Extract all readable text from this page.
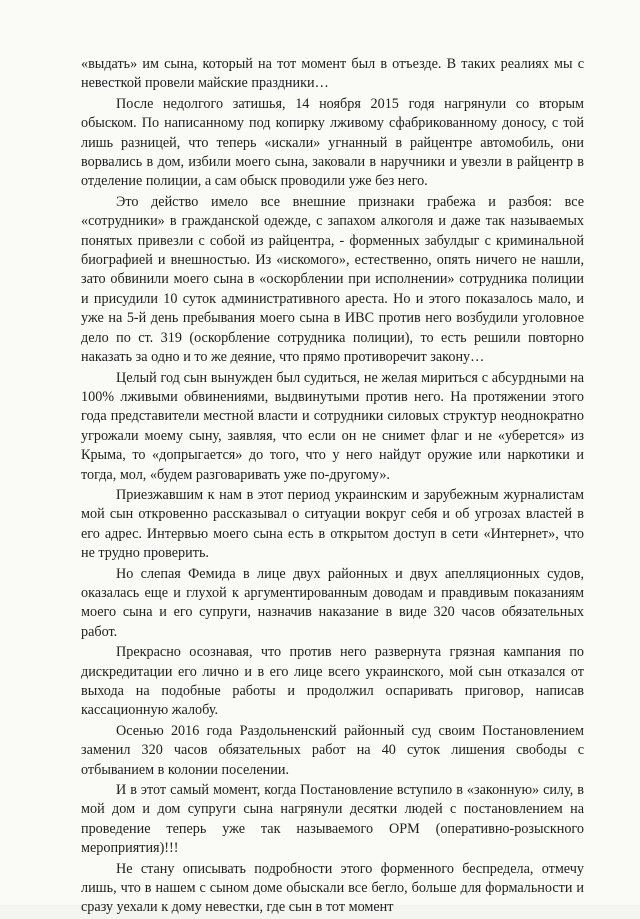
«выдать» им сына, который на тот момент был в отъезде. В таких реалиях мы с невесткой провели майские праздники…

После недолгого затишья, 14 ноября 2015 годя нагрянули со вторым обыском. По написанному под копирку лживому сфабрикованному доносу, с той лишь разницей, что теперь «искали» угнанный в райцентре автомобиль, они ворвались в дом, избили моего сына, заковали в наручники и увезли в райцентр в отделение полиции, а сам обыск проводили уже без него.

Это действо имело все внешние признаки грабежа и разбоя: все «сотрудники» в гражданской одежде, с запахом алкоголя и даже так называемых понятых привезли с собой из райцентра, - форменных забулдыг с криминальной биографией и внешностью. Из «искомого», естественно, опять ничего не нашли, зато обвинили моего сына в «оскорблении при исполнении» сотрудника полиции и присудили 10 суток административного ареста. Но и этого показалось мало, и уже на 5-й день пребывания моего сына в ИВС против него возбудили уголовное дело по ст. 319 (оскорбление сотрудника полиции), то есть решили повторно наказать за одно и то же деяние, что прямо противоречит закону…

Целый год сын вынужден был судиться, не желая мириться с абсурдными на 100% лживыми обвинениями, выдвинутыми против него. На протяжении этого года представители местной власти и сотрудники силовых структур неоднократно угрожали моему сыну, заявляя, что если он не снимет флаг и не «уберется» из Крыма, то «допрыгается» до того, что у него найдут оружие или наркотики и тогда, мол, «будем разговаривать уже по-другому».

Приезжавшим к нам в этот период украинским и зарубежным журналистам мой сын откровенно рассказывал о ситуации вокруг себя и об угрозах властей в его адрес. Интервью моего сына есть в открытом доступ в сети «Интернет», что не трудно проверить.

Но слепая Фемида в лице двух районных и двух апелляционных судов, оказалась еще и глухой к аргументированным доводам и правдивым показаниям моего сына и его супруги, назначив наказание в виде 320 часов обязательных работ.

Прекрасно осознавая, что против него развернута грязная кампания по дискредитации его лично и в его лице всего украинского, мой сын отказался от выхода на подобные работы и продолжил оспаривать приговор, написав кассационную жалобу.

Осенью 2016 года Раздольненский районный суд своим Постановлением заменил 320 часов обязательных работ на 40 суток лишения свободы с отбыванием в колонии поселении.

И в этот самый момент, когда Постановление вступило в «законную» силу, в мой дом и дом супруги сына нагрянули десятки людей с постановлением на проведение теперь уже так называемого ОРМ (оперативно-розыскного мероприятия)!!!

Не стану описывать подробности этого форменного беспредела, отмечу лишь, что в нашем с сыном доме обыскали все бегло, больше для формальности и сразу уехали к дому невестки, где сын в тот момент
